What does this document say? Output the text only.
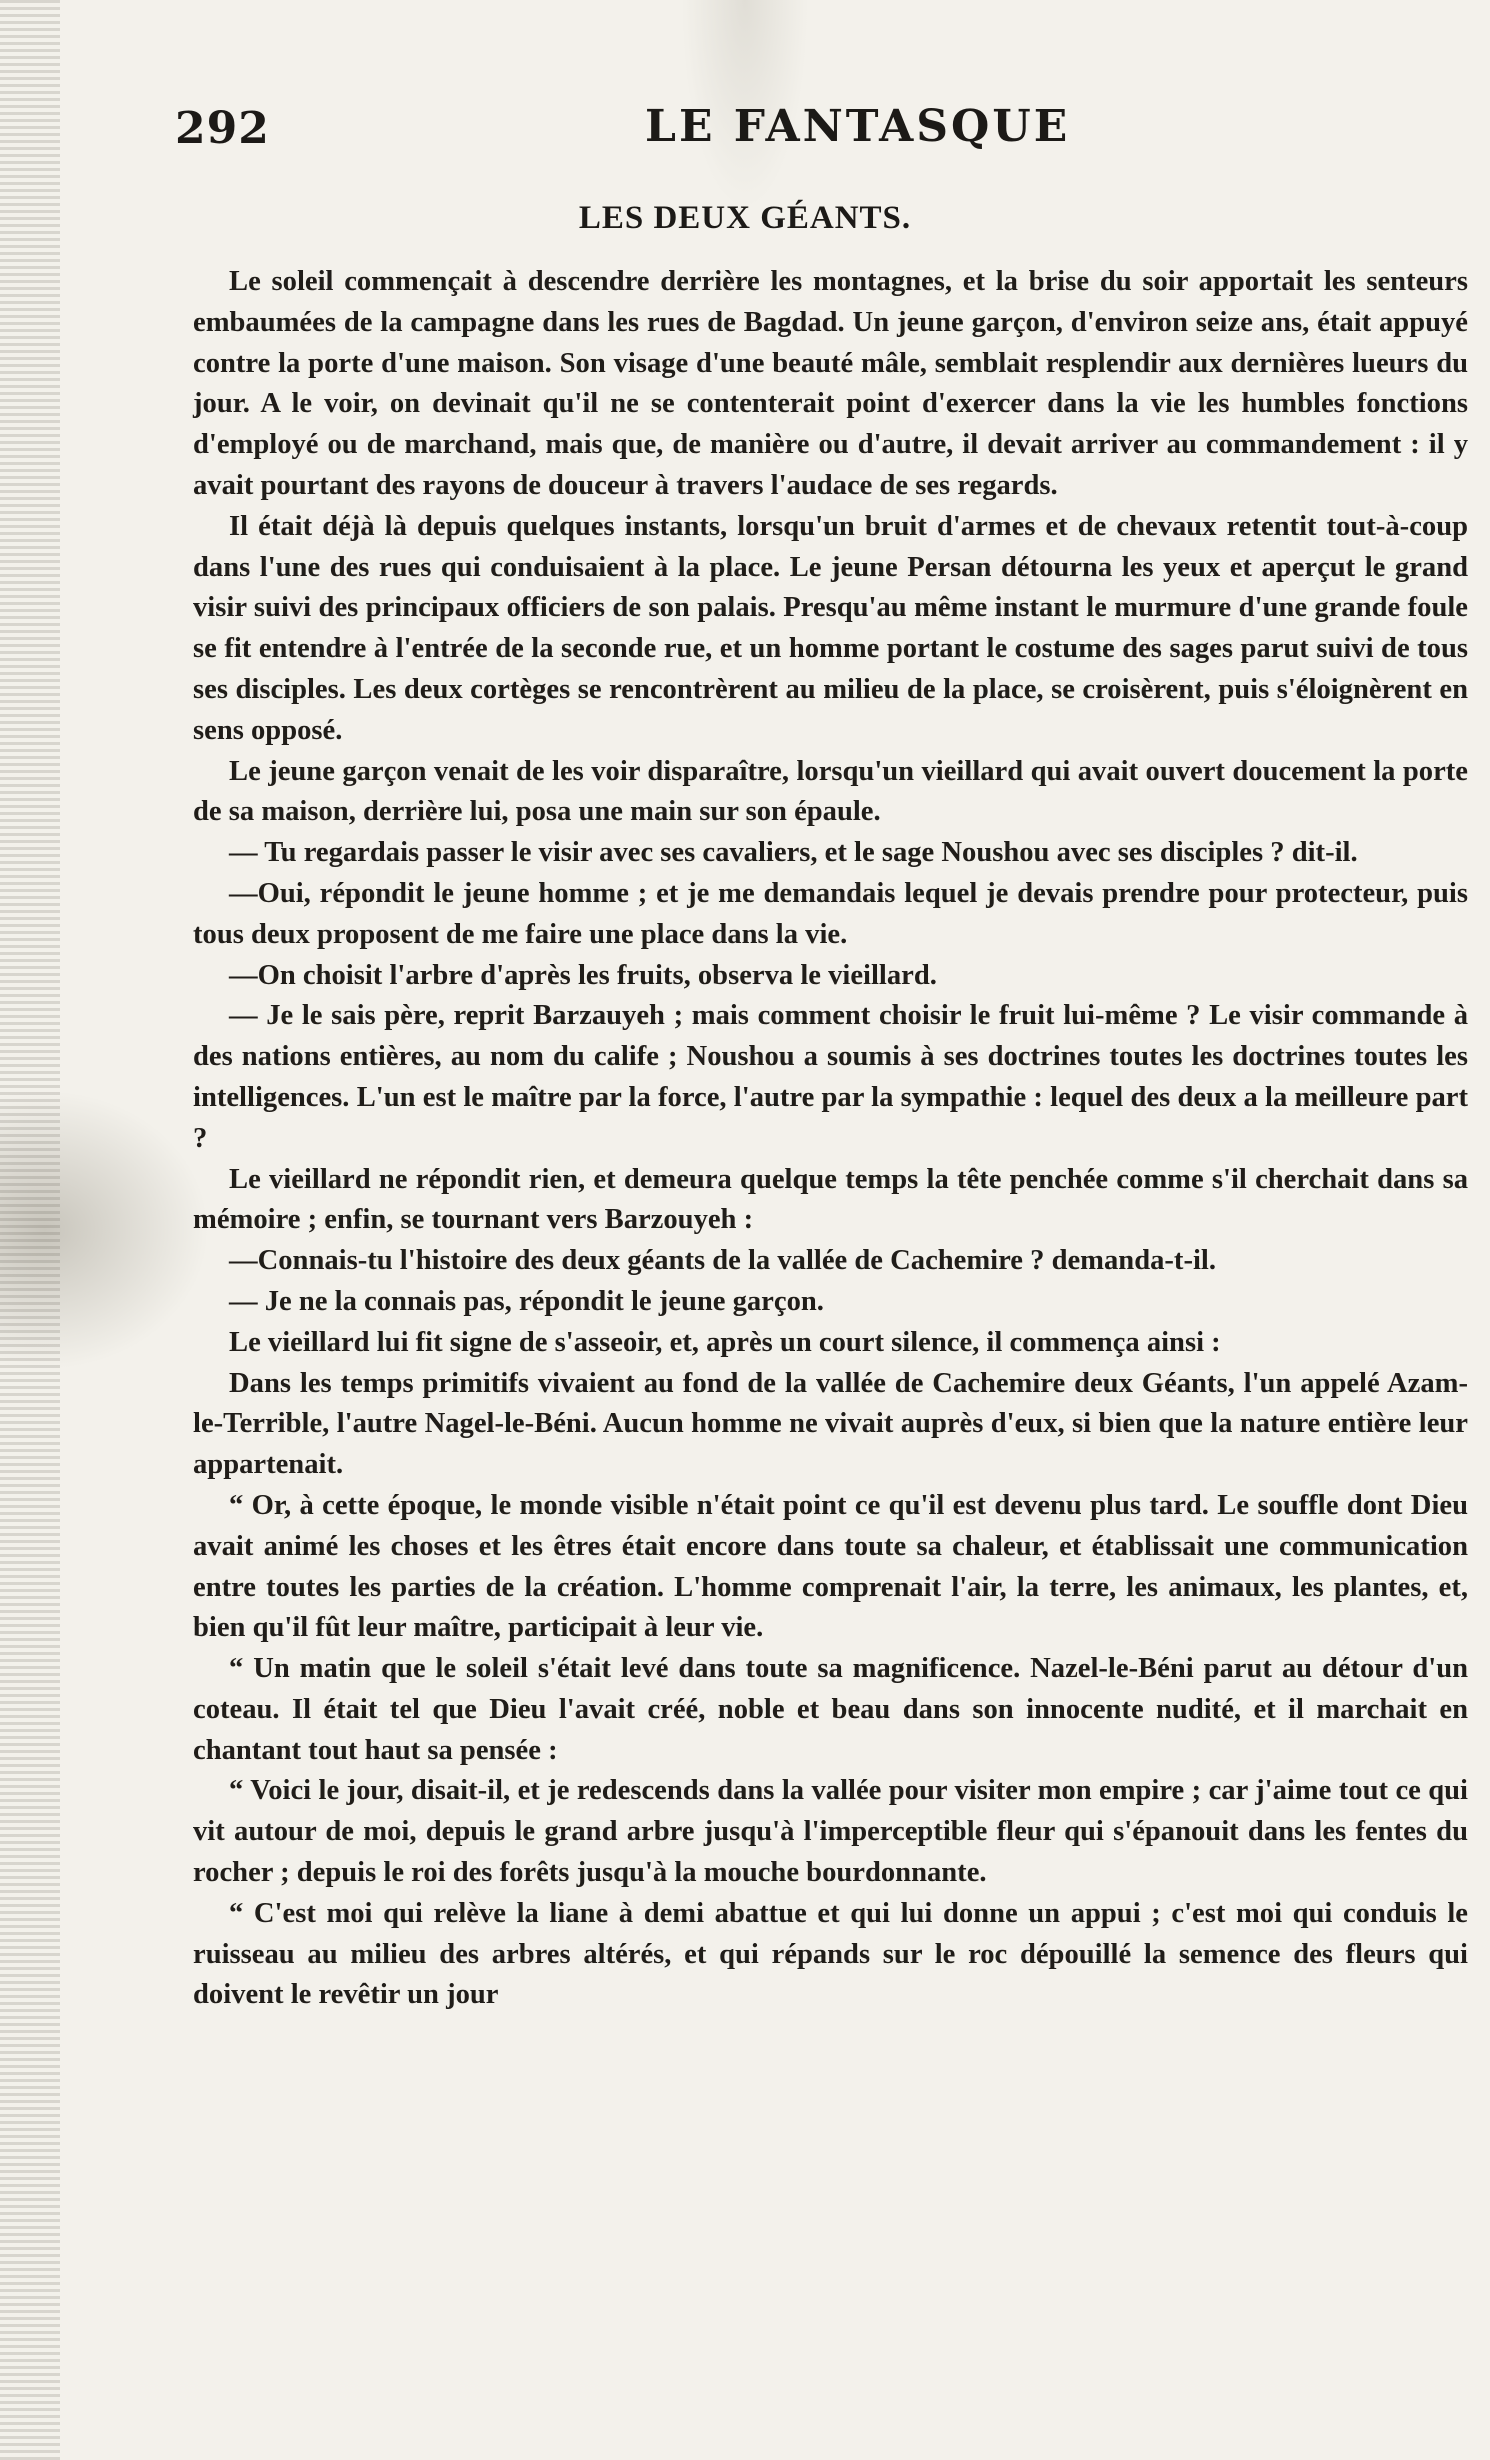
292	LE FANTASQUE
LES DEUX GÉANTS.

Le soleil commençait à descendre derrière les montagnes, et la brise du soir apportait les senteurs embaumées de la campagne dans les rues de Bagdad. Un jeune garçon, d'environ seize ans, était appuyé contre la porte d'une maison. Son visage d'une beauté mâle, semblait resplendir aux dernières lueurs du jour. A le voir, on devinait qu'il ne se contenterait point d'exercer dans la vie les humbles fonctions d'employé ou de marchand, mais que, de manière ou d'autre, il devait arriver au commandement : il y avait pourtant des rayons de douceur à travers l'audace de ses regards.

Il était déjà là depuis quelques instants, lorsqu'un bruit d'armes et de chevaux retentit tout-à-coup dans l'une des rues qui conduisaient à la place. Le jeune Persan détourna les yeux et aperçut le grand visir suivi des principaux officiers de son palais. Presqu'au même instant le murmure d'une grande foule se fit entendre à l'entrée de la seconde rue, et un homme portant le costume des sages parut suivi de tous ses disciples. Les deux cortèges se rencontrèrent au milieu de la place, se croisèrent, puis s'éloignèrent en sens opposé.

Le jeune garçon venait de les voir disparaître, lorsqu'un vieillard qui avait ouvert doucement la porte de sa maison, derrière lui, posa une main sur son épaule.

— Tu regardais passer le visir avec ses cavaliers, et le sage Noushou avec ses disciples ? dit-il.

—Oui, répondit le jeune homme ; et je me demandais lequel je devais prendre pour protecteur, puis tous deux proposent de me faire une place dans la vie.

—On choisit l'arbre d'après les fruits, observa le vieillard.

— Je le sais père, reprit Barzauyeh ; mais comment choisir le fruit lui-même ? Le visir commande à des nations entières, au nom du calife ; Noushou a soumis à ses doctrines toutes les doctrines toutes les intelligences. L'un est le maître par la force, l'autre par la sympathie : lequel des deux a la meilleure part ?

Le vieillard ne répondit rien, et demeura quelque temps la tête penchée comme s'il cherchait dans sa mémoire ; enfin, se tournant vers Barzouyeh :

—Connais-tu l'histoire des deux géants de la vallée de Cachemire ? demanda-t-il.

— Je ne la connais pas, répondit le jeune garçon.

Le vieillard lui fit signe de s'asseoir, et, après un court silence, il commença ainsi :

Dans les temps primitifs vivaient au fond de la vallée de Cachemire deux Géants, l'un appelé Azam-le-Terrible, l'autre Nagel-le-Béni. Aucun homme ne vivait auprès d'eux, si bien que la nature entière leur appartenait.

“ Or, à cette époque, le monde visible n'était point ce qu'il est devenu plus tard. Le souffle dont Dieu avait animé les choses et les êtres était encore dans toute sa chaleur, et établissait une communication entre toutes les parties de la création. L'homme comprenait l'air, la terre, les animaux, les plantes, et, bien qu'il fût leur maître, participait à leur vie.

“ Un matin que le soleil s'était levé dans toute sa magnificence. Nazel-le-Béni parut au détour d'un coteau. Il était tel que Dieu l'avait créé, noble et beau dans son innocente nudité, et il marchait en chantant tout haut sa pensée :

“ Voici le jour, disait-il, et je redescends dans la vallée pour visiter mon empire ; car j'aime tout ce qui vit autour de moi, depuis le grand arbre jusqu'à l'imperceptible fleur qui s'épanouit dans les fentes du rocher ; depuis le roi des forêts jusqu'à la mouche bourdonnante.

“ C'est moi qui relève la liane à demi abattue et qui lui donne un appui ; c'est moi qui conduis le ruisseau au milieu des arbres altérés, et qui répands sur le roc dépouillé la semence des fleurs qui doivent le revêtir un jour
